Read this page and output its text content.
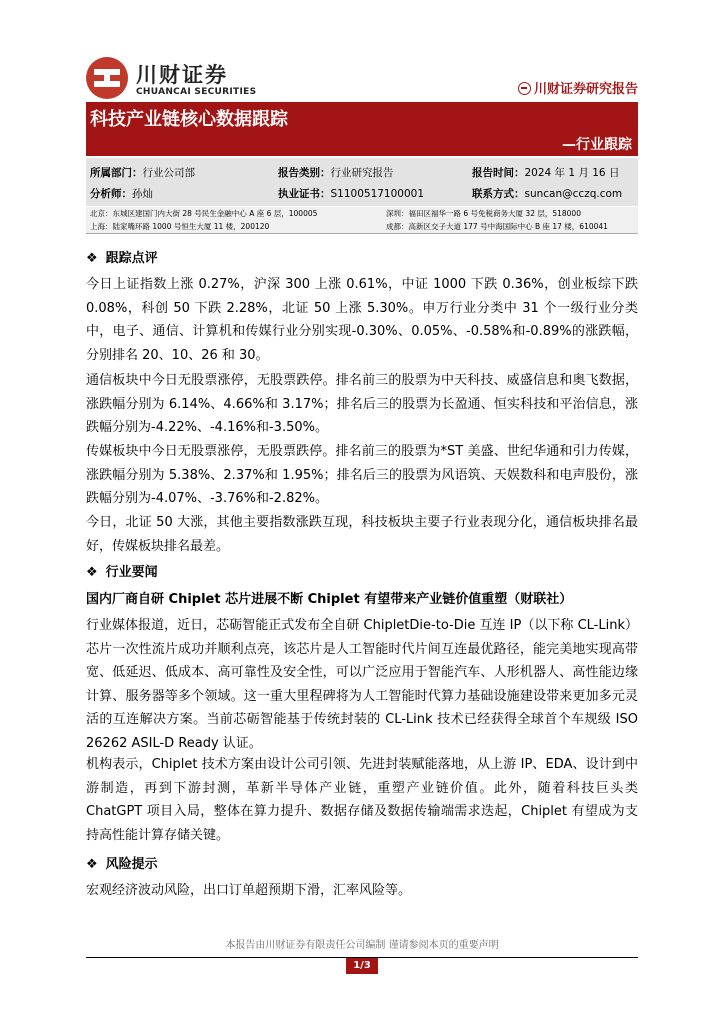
川财证券
CHUANCAI SECURITIES	川财证券研究报告
科技产业链核心数据跟踪
—行业跟踪
所属部门：行业公司部	报告类别：行业研究报告	报告时间：2024 年 1 月 16 日
分析师：孙灿	执业证书：S1100517100001	联系方式：suncan@cczq.com
北京：东城区建国门内大街 28 号民生金融中心 A 座 6 层，100005	深圳：福田区福华一路 6 号免税商务大厦 32 层，518000
上海：陆家嘴环路 1000 号恒生大厦 11 楼，200120	成都：高新区交子大道 177 号中海国际中心 B 座 17 楼，610041
❖ 跟踪点评
今日上证指数上涨 0.27%，沪深 300 上涨 0.61%，中证 1000 下跌 0.36%，创业板综下跌 0.08%，科创 50 下跌 2.28%，北证 50 上涨 5.30%。申万行业分类中 31 个一级行业分类中，电子、通信、计算机和传媒行业分别实现-0.30%、0.05%、-0.58%和-0.89%的涨跌幅，分别排名 20、10、26 和 30。
通信板块中今日无股票涨停，无股票跌停。排名前三的股票为中天科技、威盛信息和奥飞数据，涨跌幅分别为 6.14%、4.66%和 3.17%；排名后三的股票为长盈通、恒实科技和平治信息，涨跌幅分别为-4.22%、-4.16%和-3.50%。
传媒板块中今日无股票涨停，无股票跌停。排名前三的股票为*ST 美盛、世纪华通和引力传媒，涨跌幅分别为 5.38%、2.37%和 1.95%；排名后三的股票为风语筑、天娱数科和电声股份，涨跌幅分别为-4.07%、-3.76%和-2.82%。
今日，北证 50 大涨，其他主要指数涨跌互现，科技板块主要子行业表现分化，通信板块排名最好，传媒板块排名最差。
❖ 行业要闻
国内厂商自研 Chiplet 芯片进展不断 Chiplet 有望带来产业链价值重塑（财联社）
行业媒体报道，近日，芯砺智能正式发布全自研 ChipletDie-to-Die 互连 IP（以下称 CL-Link）芯片一次性流片成功并顺利点亮，该芯片是人工智能时代片间互连最优路径，能完美地实现高带宽、低延迟、低成本、高可靠性及安全性，可以广泛应用于智能汽车、人形机器人、高性能边缘计算、服务器等多个领域。这一重大里程碑将为人工智能时代算力基础设施建设带来更加多元灵活的互连解决方案。当前芯砺智能基于传统封装的 CL-Link 技术已经获得全球首个车规级 ISO 26262 ASIL-D Ready 认证。
机构表示，Chiplet 技术方案由设计公司引领、先进封装赋能落地，从上游 IP、EDA、设计到中游制造，再到下游封测，革新半导体产业链，重塑产业链价值。此外，随着科技巨头类 ChatGPT 项目入局，整体在算力提升、数据存储及数据传输端需求迭起，Chiplet 有望成为支持高性能计算存储关键。
❖ 风险提示
宏观经济波动风险，出口订单超预期下滑，汇率风险等。
本报告由川财证券有限责任公司编制 谨请参阅本页的重要声明
1/3
